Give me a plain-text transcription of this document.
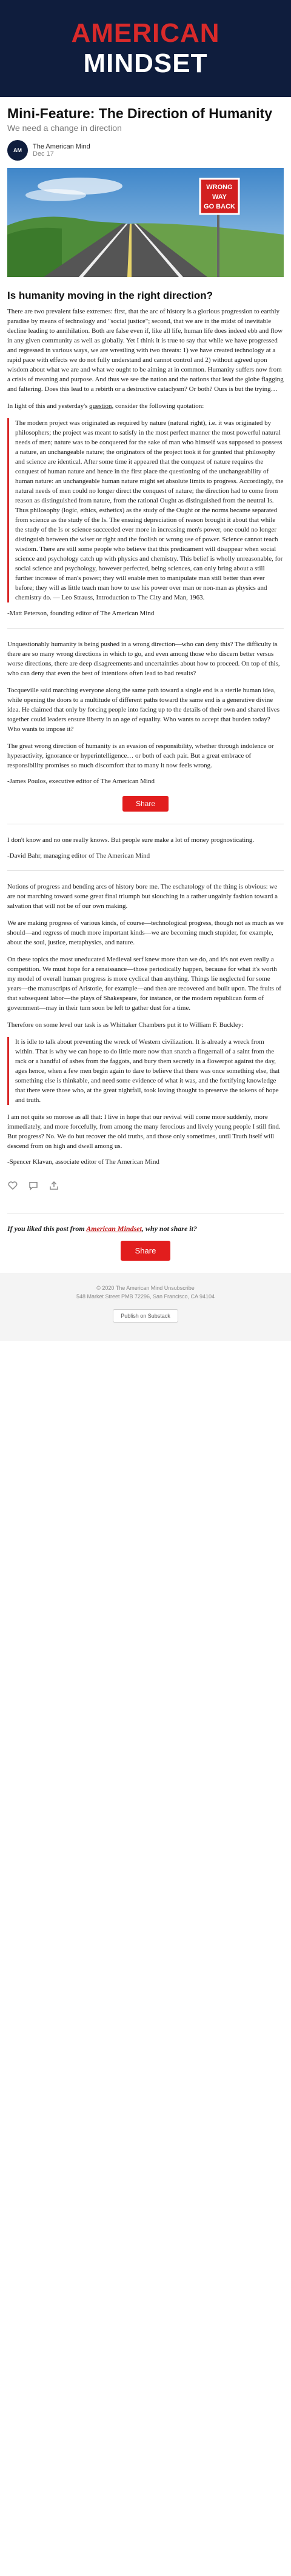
AMERICAN
MINDSET
Mini-Feature: The Direction of Humanity
We need a change in direction
AM	The American Mind
Dec 17
WRONG
WAY
GO BACK
Is humanity moving in the right direction?

There are two prevalent false extremes: first, that the arc of history is a glorious progression to earthly paradise by means of technology and "social justice"; second, that we are in the midst of inevitable decline leading to annihilation. Both are false even if, like all life, human life does indeed ebb and flow in any given community as well as globally. Yet I think it is true to say that while we have progressed and regressed in various ways, we are wrestling with two threats: 1) we have created technology at a rapid pace with effects we do not fully understand and cannot control and 2) without agreed upon wisdom about what we are and what we ought to be aiming at in common. Humanity suffers now from a crisis of meaning and purpose. And thus we see the nation and the nations that lead the globe flagging and faltering. Does this lead to a rebirth or a destructive cataclysm? Or both? Ours is but the trying…

In light of this and yesterday's question, consider the following quotation:

The modern project was originated as required by nature (natural right), i.e. it was originated by philosophers; the project was meant to satisfy in the most perfect manner the most powerful natural needs of men; nature was to be conquered for the sake of man who himself was supposed to possess a nature, an unchangeable nature; the originators of the project took it for granted that philosophy and science are identical. After some time it appeared that the conquest of nature requires the conquest of human nature and hence in the first place the questioning of the unchangeability of human nature: an unchangeable human nature might set absolute limits to progress. Accordingly, the natural needs of men could no longer direct the conquest of nature; the direction had to come from reason as distinguished from nature, from the rational Ought as distinguished from the neutral Is. Thus philosophy (logic, ethics, esthetics) as the study of the Ought or the norms became separated from science as the study of the Is. The ensuing depreciation of reason brought it about that while the study of the Is or science succeeded ever more in increasing men's power, one could no longer distinguish between the wiser or right and the foolish or wrong use of power. Science cannot teach wisdom. There are still some people who believe that this predicament will disappear when social science and psychology catch up with physics and chemistry. This belief is wholly unreasonable, for social science and psychology, however perfected, being sciences, can only bring about a still further increase of man's power; they will enable men to manipulate man still better than ever before; they will as little teach man how to use his power over man or non-man as physics and chemistry do. — Leo Strauss, Introduction to The City and Man, 1963.

-Matt Peterson, founding editor of The American Mind

Unquestionably humanity is being pushed in a wrong direction—who can deny this? The difficulty is there are so many wrong directions in which to go, and even among those who discern better versus worse directions, there are deep disagreements and uncertainties about how to proceed. On top of this, who can deny that even the best of intentions often lead to bad results?

Tocqueville said marching everyone along the same path toward a single end is a sterile human idea, while opening the doors to a multitude of different paths toward the same end is a generative divine idea. He claimed that only by forcing people into facing up to the details of their own and shared lives together could leaders ensure liberty in an age of equality. Who wants to accept that burden today? Who wants to impose it?

The great wrong direction of humanity is an evasion of responsibility, whether through indolence or hyperactivity, ignorance or hyperintelligence… or both of each pair. But a great embrace of responsibility promises so much discomfort that to many it now feels wrong.

-James Poulos, executive editor of The American Mind
Share

I don't know and no one really knows. But people sure make a lot of money prognosticating.

-David Bahr, managing editor of The American Mind

Notions of progress and bending arcs of history bore me. The eschatology of the thing is obvious: we are not marching toward some great final triumph but slouching in a rather ungainly fashion toward a salvation that will not be of our own making.

We are making progress of various kinds, of course—technological progress, though not as much as we should—and regress of much more important kinds—we are becoming much stupider, for example, about the soul, justice, metaphysics, and nature.

On these topics the most uneducated Medieval serf knew more than we do, and it's not even really a competition. We must hope for a renaissance—those periodically happen, because for what it's worth my model of overall human progress is more cyclical than anything. Things lie neglected for some years—the manuscripts of Aristotle, for example—and then are recovered and built upon. The fruits of that subsequent labor—the plays of Shakespeare, for instance, or the modern republican form of government—may in their turn soon be left to gather dust for a time.

Therefore on some level our task is as Whittaker Chambers put it to William F. Buckley:

It is idle to talk about preventing the wreck of Western civilization. It is already a wreck from within. That is why we can hope to do little more now than snatch a fingernail of a saint from the rack or a handful of ashes from the faggots, and bury them secretly in a flowerpot against the day, ages hence, when a few men begin again to dare to believe that there was once something else, that something else is thinkable, and need some evidence of what it was, and the fortifying knowledge that there were those who, at the great nightfall, took loving thought to preserve the tokens of hope and truth.

I am not quite so morose as all that: I live in hope that our revival will come more suddenly, more immediately, and more forcefully, from among the many ferocious and lively young people I still find. But progress? No. We do but recover the old truths, and those only sometimes, until Truth itself will descend from on high and dwell among us.

-Spencer Klavan, associate editor of The American Mind
If you liked this post from American Mindset, why not share it?
Share
© 2020 The American Mind Unsubscribe
548 Market Street PMB 72296, San Francisco, CA 94104
Publish on Substack
